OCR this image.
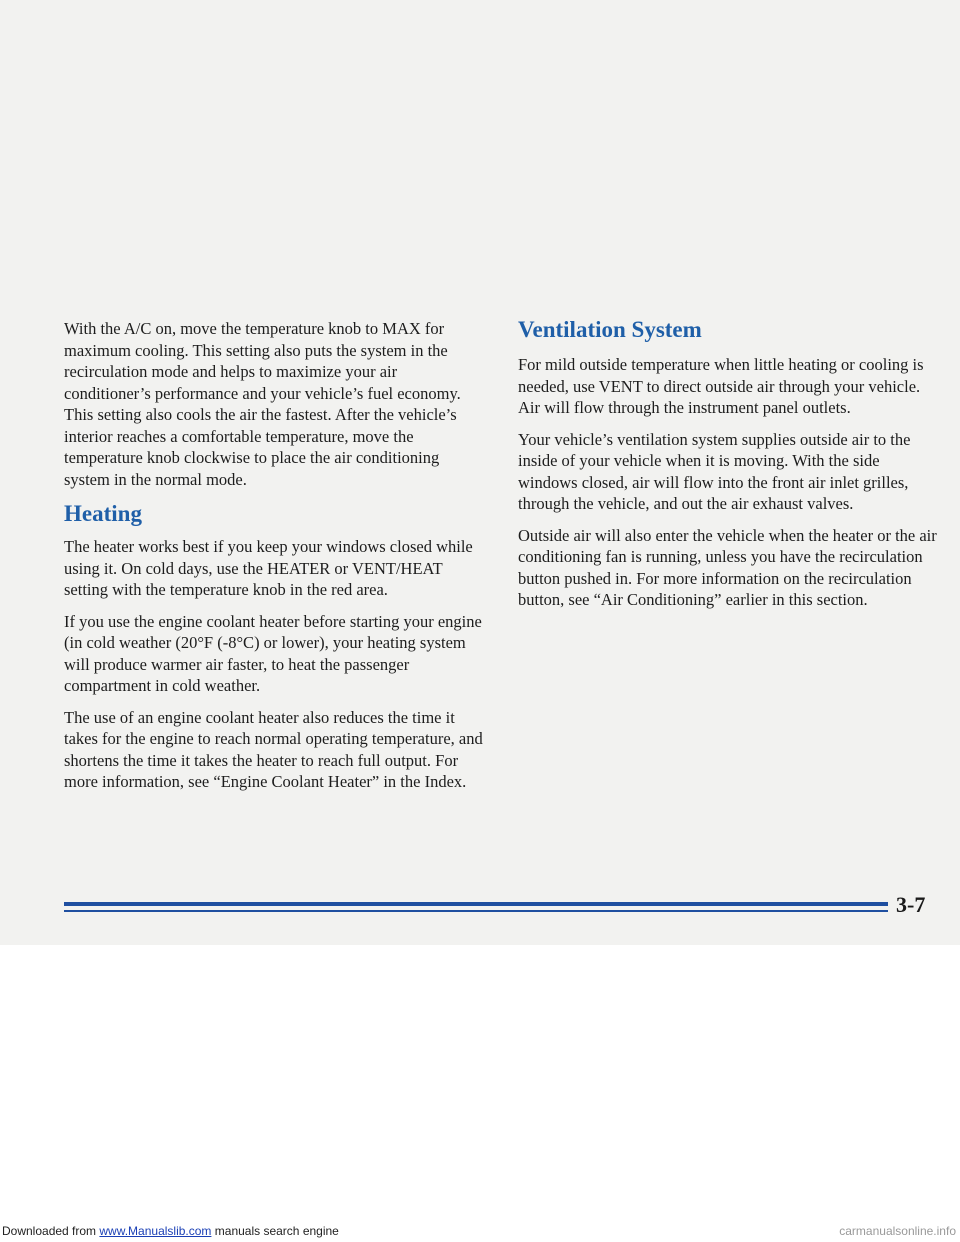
With the A/C on, move the temperature knob to MAX for maximum cooling. This setting also puts the system in the recirculation mode and helps to maximize your air conditioner’s performance and your vehicle’s fuel economy. This setting also cools the air the fastest. After the vehicle’s interior reaches a comfortable temperature, move the temperature knob clockwise to place the air conditioning system in the normal mode.

Heating

The heater works best if you keep your windows closed while using it. On cold days, use the HEATER or VENT/HEAT setting with the temperature knob in the red area.

If you use the engine coolant heater before starting your engine (in cold weather (20°F (-8°C) or lower), your heating system will produce warmer air faster, to heat the passenger compartment in cold weather.

The use of an engine coolant heater also reduces the time it takes for the engine to reach normal operating temperature, and shortens the time it takes the heater to reach full output. For more information, see “Engine Coolant Heater” in the Index.

Ventilation System

For mild outside temperature when little heating or cooling is needed, use VENT to direct outside air through your vehicle. Air will flow through the instrument panel outlets.

Your vehicle’s ventilation system supplies outside air to the inside of your vehicle when it is moving. With the side windows closed, air will flow into the front air inlet grilles, through the vehicle, and out the air exhaust valves.

Outside air will also enter the vehicle when the heater or the air conditioning fan is running, unless you have the recirculation button pushed in. For more information on the recirculation button, see “Air Conditioning” earlier in this section.

3-7
Downloaded from www.Manualslib.com manuals search engine	carmanualsonline.info
